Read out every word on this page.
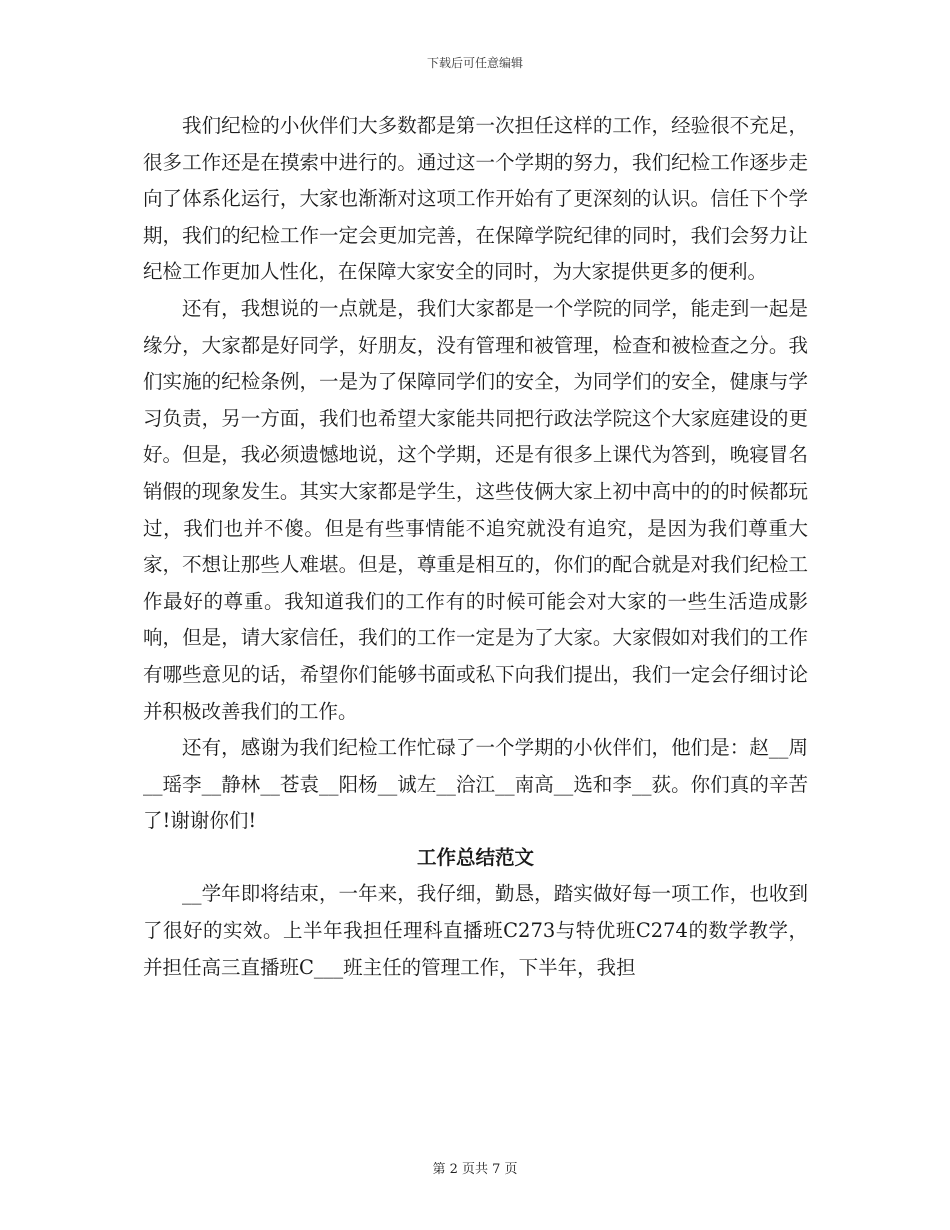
下载后可任意编辑

我们纪检的小伙伴们大多数都是第一次担任这样的工作，经验很不充足，很多工作还是在摸索中进行的。通过这一个学期的努力，我们纪检工作逐步走向了体系化运行，大家也渐渐对这项工作开始有了更深刻的认识。信任下个学期，我们的纪检工作一定会更加完善，在保障学院纪律的同时，我们会努力让纪检工作更加人性化，在保障大家安全的同时，为大家提供更多的便利。

还有，我想说的一点就是，我们大家都是一个学院的同学，能走到一起是缘分，大家都是好同学，好朋友，没有管理和被管理，检查和被检查之分。我们实施的纪检条例，一是为了保障同学们的安全，为同学们的安全，健康与学习负责，另一方面，我们也希望大家能共同把行政法学院这个大家庭建设的更好。但是，我必须遗憾地说，这个学期，还是有很多上课代为答到，晚寝冒名销假的现象发生。其实大家都是学生，这些伎俩大家上初中高中的的时候都玩过，我们也并不傻。但是有些事情能不追究就没有追究，是因为我们尊重大家，不想让那些人难堪。但是，尊重是相互的，你们的配合就是对我们纪检工作最好的尊重。我知道我们的工作有的时候可能会对大家的一些生活造成影响，但是，请大家信任，我们的工作一定是为了大家。大家假如对我们的工作有哪些意见的话，希望你们能够书面或私下向我们提出，我们一定会仔细讨论并积极改善我们的工作。

还有，感谢为我们纪检工作忙碌了一个学期的小伙伴们，他们是：赵__周__瑶李__静林__苍袁__阳杨__诚左__洽江__南高__选和李__荻。你们真的辛苦了!谢谢你们!

工作总结范文

__学年即将结束，一年来，我仔细，勤恳，踏实做好每一项工作，也收到了很好的实效。上半年我担任理科直播班C273与特优班C274的数学教学，并担任高三直播班C___班主任的管理工作，下半年，我担

第 2 页共 7 页
